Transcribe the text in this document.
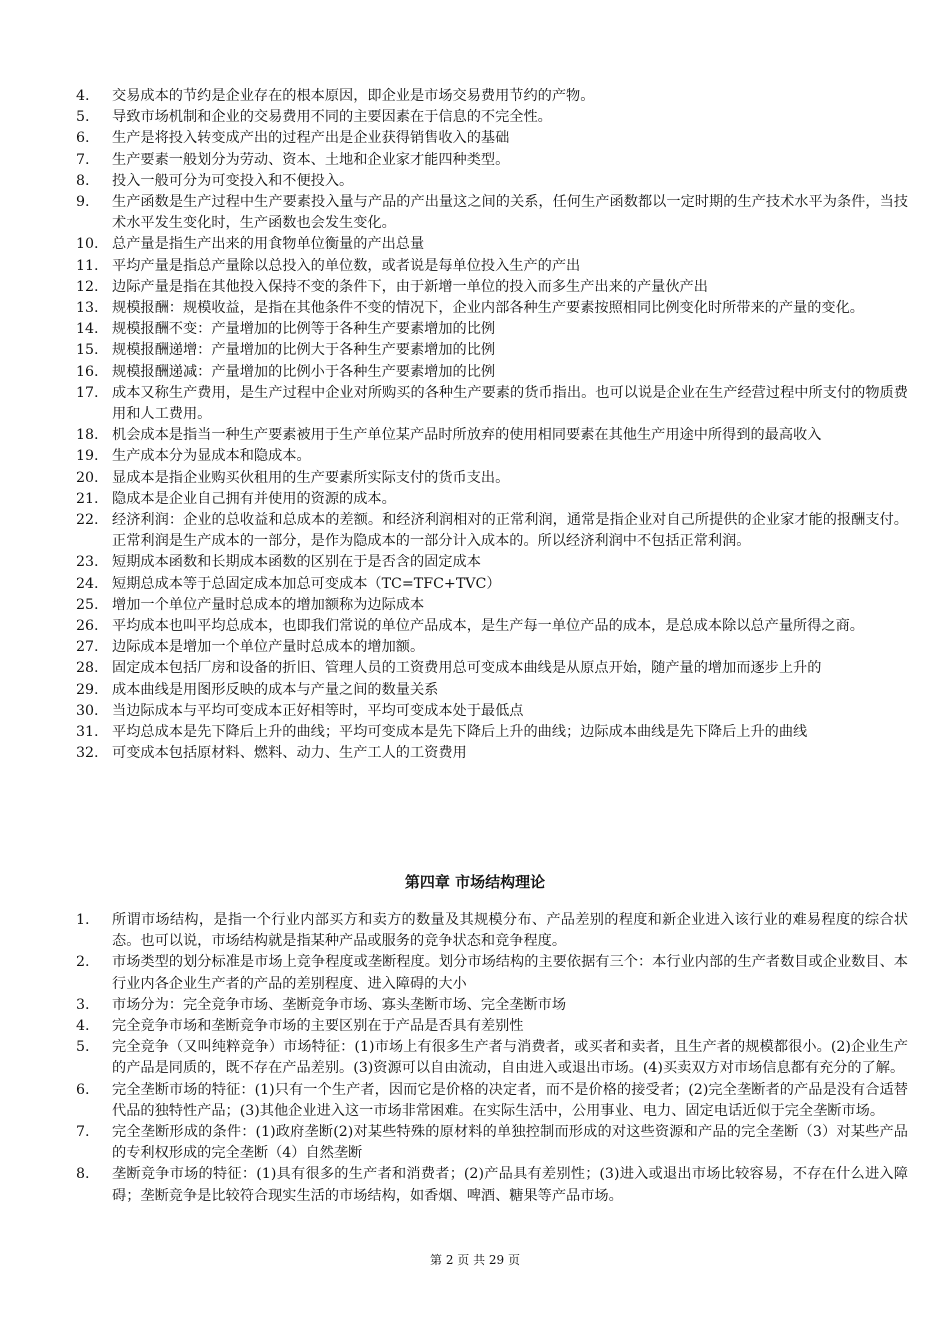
4.	交易成本的节约是企业存在的根本原因，即企业是市场交易费用节约的产物。
5.	导致市场机制和企业的交易费用不同的主要因素在于信息的不完全性。
6.	生产是将投入转变成产出的过程产出是企业获得销售收入的基础
7.	生产要素一般划分为劳动、资本、土地和企业家才能四种类型。
8.	投入一般可分为可变投入和不便投入。
9.	生产函数是生产过程中生产要素投入量与产品的产出量这之间的关系，任何生产函数都以一定时期的生产技术水平为条件，当技术水平发生变化时，生产函数也会发生变化。
10. 总产量是指生产出来的用食物单位衡量的产出总量
11. 平均产量是指总产量除以总投入的单位数，或者说是每单位投入生产的产出
12. 边际产量是指在其他投入保持不变的条件下，由于新增一单位的投入而多生产出来的产量伙产出
13. 规模报酬：规模收益，是指在其他条件不变的情况下，企业内部各种生产要素按照相同比例变化时所带来的产量的变化。
14. 规模报酬不变：产量增加的比例等于各种生产要素增加的比例
15. 规模报酬递增：产量增加的比例大于各种生产要素增加的比例
16. 规模报酬递减：产量增加的比例小于各种生产要素增加的比例
17. 成本又称生产费用，是生产过程中企业对所购买的各种生产要素的货币指出。也可以说是企业在生产经营过程中所支付的物质费用和人工费用。
18. 机会成本是指当一种生产要素被用于生产单位某产品时所放弃的使用相同要素在其他生产用途中所得到的最高收入
19. 生产成本分为显成本和隐成本。
20. 显成本是指企业购买伙租用的生产要素所实际支付的货币支出。
21. 隐成本是企业自己拥有并使用的资源的成本。
22. 经济利润：企业的总收益和总成本的差额。和经济利润相对的正常利润，通常是指企业对自己所提供的企业家才能的报酬支付。正常利润是生产成本的一部分，是作为隐成本的一部分计入成本的。所以经济利润中不包括正常利润。
23. 短期成本函数和长期成本函数的区别在于是否含的固定成本
24. 短期总成本等于总固定成本加总可变成本（TC=TFC+TVC）
25. 增加一个单位产量时总成本的增加额称为边际成本
26. 平均成本也叫平均总成本，也即我们常说的单位产品成本，是生产每一单位产品的成本，是总成本除以总产量所得之商。
27. 边际成本是增加一个单位产量时总成本的增加额。
28. 固定成本包括厂房和设备的折旧、管理人员的工资费用总可变成本曲线是从原点开始，随产量的增加而逐步上升的
29. 成本曲线是用图形反映的成本与产量之间的数量关系
30. 当边际成本与平均可变成本正好相等时，平均可变成本处于最低点
31. 平均总成本是先下降后上升的曲线；平均可变成本是先下降后上升的曲线；边际成本曲线是先下降后上升的曲线
32. 可变成本包括原材料、燃料、动力、生产工人的工资费用
第四章 市场结构理论
1.	所谓市场结构，是指一个行业内部买方和卖方的数量及其规模分布、产品差别的程度和新企业进入该行业的难易程度的综合状态。也可以说，市场结构就是指某种产品或服务的竞争状态和竞争程度。
2.	市场类型的划分标准是市场上竞争程度或垄断程度。划分市场结构的主要依据有三个：本行业内部的生产者数目或企业数目、本行业内各企业生产者的产品的差别程度、进入障碍的大小
3.	市场分为：完全竞争市场、垄断竞争市场、寡头垄断市场、完全垄断市场
4.	完全竞争市场和垄断竞争市场的主要区别在于产品是否具有差别性
5.	完全竞争（又叫纯粹竞争）市场特征：(1)市场上有很多生产者与消费者，或买者和卖者，且生产者的规模都很小。(2)企业生产的产品是同质的，既不存在产品差别。(3)资源可以自由流动，自由进入或退出市场。(4)买卖双方对市场信息都有充分的了解。
6.	完全垄断市场的特征：(1)只有一个生产者，因而它是价格的决定者，而不是价格的接受者；(2)完全垄断者的产品是没有合适替代品的独特性产品；(3)其他企业进入这一市场非常困难。在实际生活中，公用事业、电力、固定电话近似于完全垄断市场。
7.	完全垄断形成的条件：(1)政府垄断(2)对某些特殊的原材料的单独控制而形成的对这些资源和产品的完全垄断（3）对某些产品的专利权形成的完全垄断（4）自然垄断
8.	垄断竞争市场的特征：(1)具有很多的生产者和消费者；(2)产品具有差别性；(3)进入或退出市场比较容易，不存在什么进入障碍；垄断竞争是比较符合现实生活的市场结构，如香烟、啤酒、糖果等产品市场。
第 2 页 共 29 页
